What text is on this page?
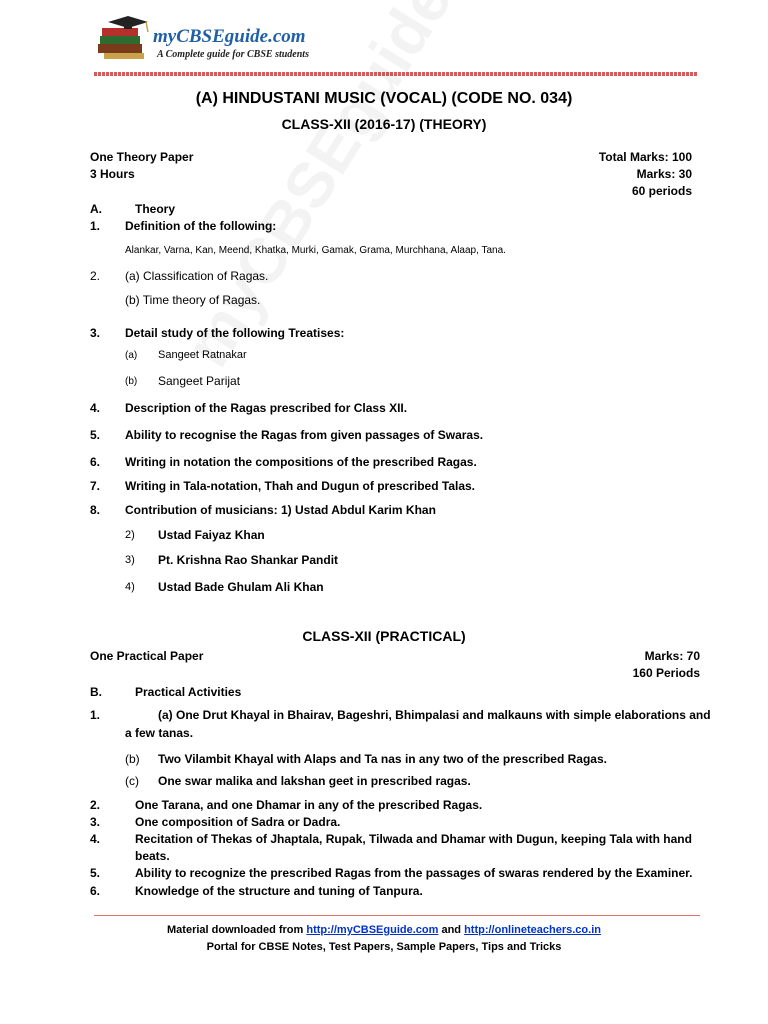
myCBSEguide.com
A Complete guide for CBSE students
(A) HINDUSTANI MUSIC (VOCAL) (CODE NO. 034)
CLASS-XII (2016-17) (THEORY)
One Theory Paper
3 Hours
Total Marks: 100
Marks: 30
60 periods
A.	Theory
1. Definition of the following:
Alankar, Varna, Kan, Meend, Khatka, Murki, Gamak, Grama, Murchhana, Alaap, Tana.
2. (a) Classification of Ragas.
(b) Time theory of Ragas.
3. Detail study of the following Treatises:
(a) Sangeet Ratnakar
(b) Sangeet Parijat
4. Description of the Ragas prescribed for Class XII.
5. Ability to recognise the Ragas from given passages of Swaras.
6. Writing in notation the compositions of the prescribed Ragas.
7. Writing in Tala-notation, Thah and Dugun of prescribed Talas.
8. Contribution of musicians: 1) Ustad Abdul Karim Khan
2) Ustad Faiyaz Khan
3) Pt. Krishna Rao Shankar Pandit
4) Ustad Bade Ghulam Ali Khan
CLASS-XII (PRACTICAL)
One Practical Paper	Marks: 70
160 Periods
B.	Practical Activities
1.	(a) One Drut Khayal in Bhairav, Bageshri, Bhimpalasi and malkauns with simple elaborations and
a few tanas.
(b) Two Vilambit Khayal with Alaps and Ta nas in any two of the prescribed Ragas.
(c) One swar malika and lakshan geet in prescribed ragas.
2.	One Tarana, and one Dhamar in any of the prescribed Ragas.
3.	One composition of Sadra or Dadra.
4.	Recitation of Thekas of Jhaptala, Rupak, Tilwada and Dhamar with Dugun, keeping Tala with hand
beats.
5.	Ability to recognize the prescribed Ragas from the passages of swaras rendered by the Examiner.
6.	Knowledge of the structure and tuning of Tanpura.
Material downloaded from http://myCBSEguide.com and http://onlineteachers.co.in
Portal for CBSE Notes, Test Papers, Sample Papers, Tips and Tricks
